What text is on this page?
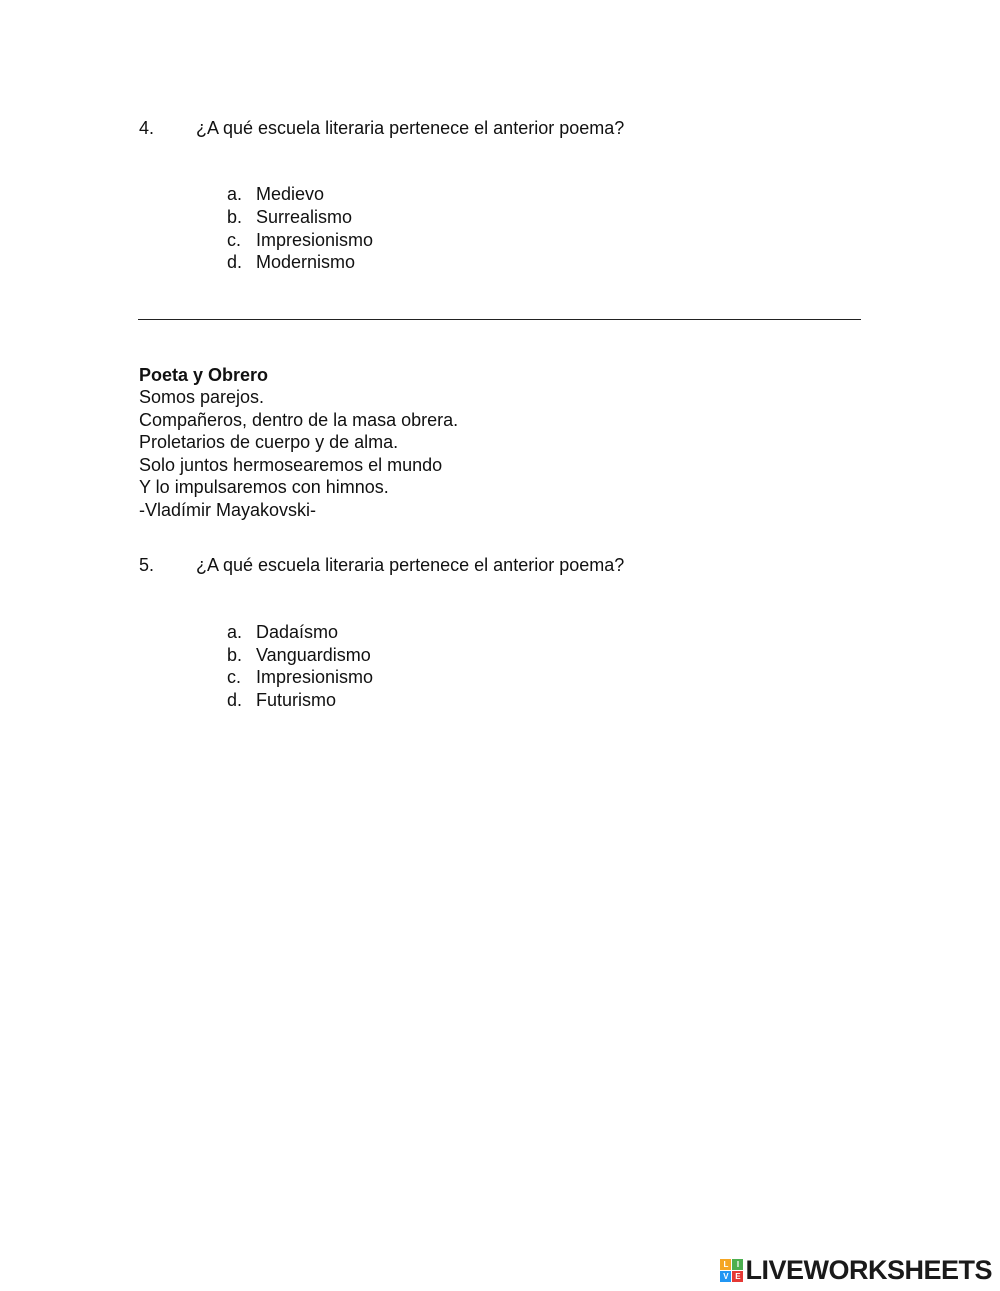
4. ¿A qué escuela literaria pertenece el anterior poema?
a. Medievo
b. Surrealismo
c. Impresionismo
d. Modernismo
Poeta y Obrero
Somos parejos.
Compañeros, dentro de la masa obrera.
Proletarios de cuerpo y de alma.
Solo juntos hermosearemos el mundo
Y lo impulsaremos con himnos.
-Vladímir Mayakovski-
5. ¿A qué escuela literaria pertenece el anterior poema?
a. Dadaísmo
b. Vanguardismo
c. Impresionismo
d. Futurismo
L	I
V E LIVEWORKSHEETS
